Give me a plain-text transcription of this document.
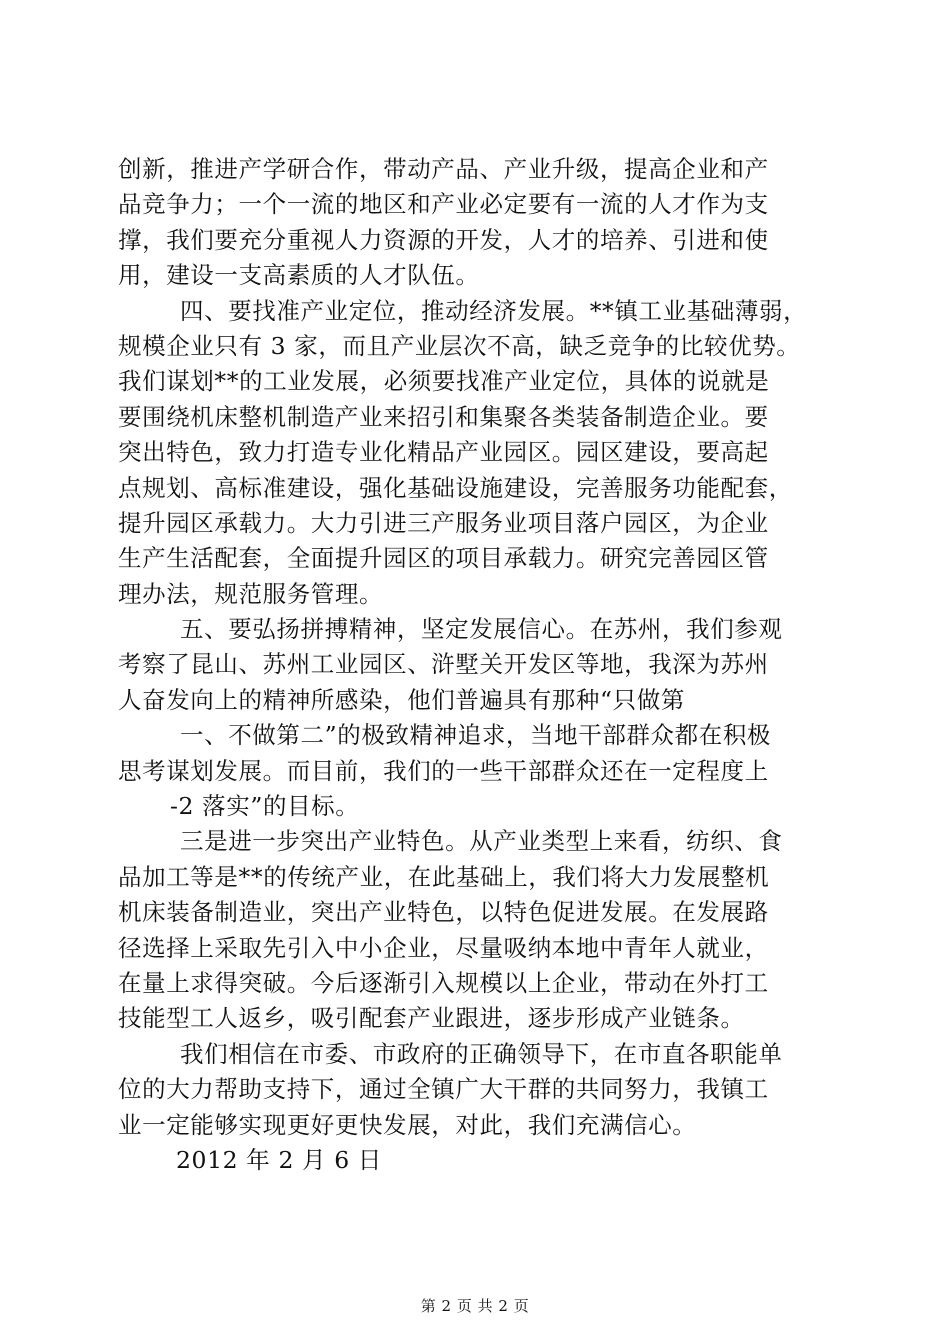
创新，推进产学研合作，带动产品、产业升级，提高企业和产
品竞争力；一个一流的地区和产业必定要有一流的人才作为支
撑，我们要充分重视人力资源的开发，人才的培养、引进和使
用，建设一支高素质的人才队伍。
四、要找准产业定位，推动经济发展。**镇工业基础薄弱，
规模企业只有 3 家，而且产业层次不高，缺乏竞争的比较优势。
我们谋划**的工业发展，必须要找准产业定位，具体的说就是
要围绕机床整机制造产业来招引和集聚各类装备制造企业。要
突出特色，致力打造专业化精品产业园区。园区建设，要高起
点规划、高标准建设，强化基础设施建设，完善服务功能配套，
提升园区承载力。大力引进三产服务业项目落户园区，为企业
生产生活配套，全面提升园区的项目承载力。研究完善园区管
理办法，规范服务管理。
五、要弘扬拼搏精神，坚定发展信心。在苏州，我们参观
考察了昆山、苏州工业园区、浒墅关开发区等地，我深为苏州
人奋发向上的精神所感染，他们普遍具有那种“只做第
一、不做第二”的极致精神追求，当地干部群众都在积极
思考谋划发展。而目前，我们的一些干部群众还在一定程度上
-2 落实”的目标。
三是进一步突出产业特色。从产业类型上来看，纺织、食
品加工等是**的传统产业，在此基础上，我们将大力发展整机
机床装备制造业，突出产业特色，以特色促进发展。在发展路
径选择上采取先引入中小企业，尽量吸纳本地中青年人就业，
在量上求得突破。今后逐渐引入规模以上企业，带动在外打工
技能型工人返乡，吸引配套产业跟进，逐步形成产业链条。
我们相信在市委、市政府的正确领导下，在市直各职能单
位的大力帮助支持下，通过全镇广大干群的共同努力，我镇工
业一定能够实现更好更快发展，对此，我们充满信心。
2012 年 2 月 6 日
第 2 页 共 2 页
